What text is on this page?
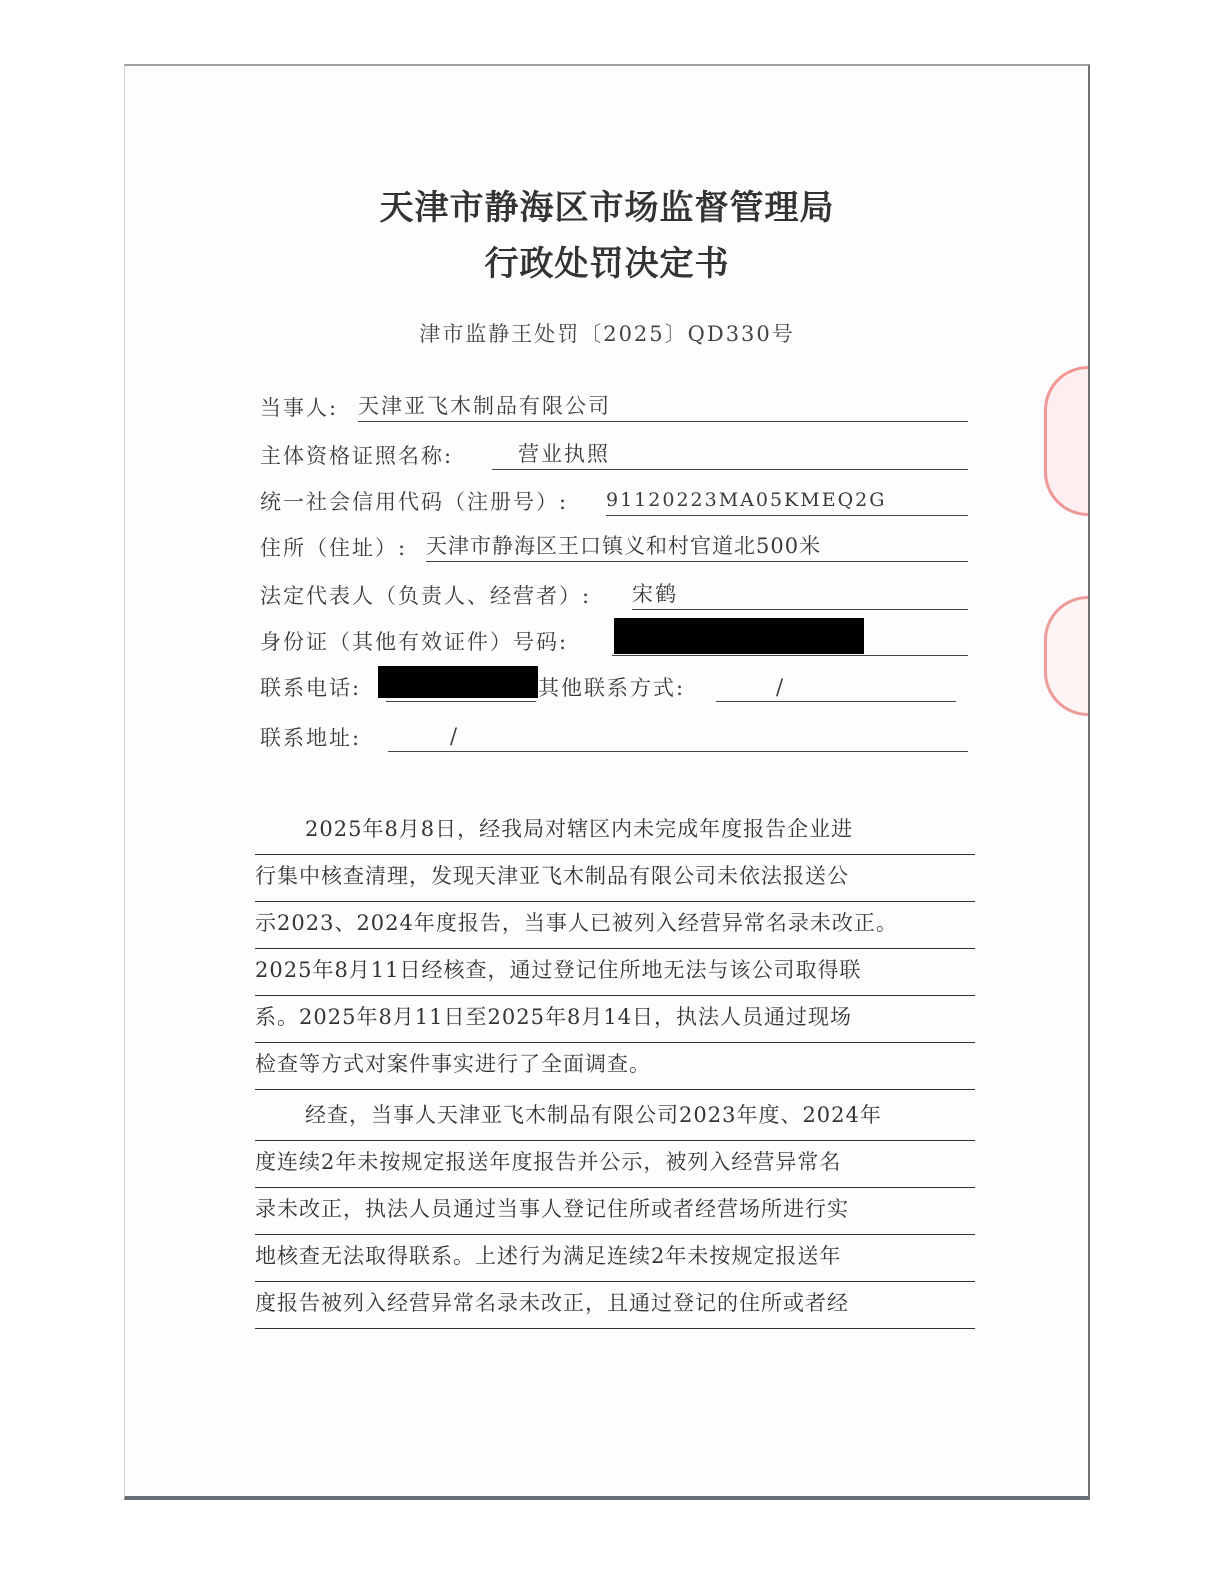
天津市静海区市场监督管理局
行政处罚决定书
津市监静王处罚〔2025〕QD330号
当事人: 天津亚飞木制品有限公司
主体资格证照名称:	营业执照
统一社会信用代码（注册号）: 91120223MA05KMEQ2G
住所（住址）: 天津市静海区王口镇义和村官道北500米
法定代表人（负责人、经营者）: 宋鹤
身份证（其他有效证件）号码:
联系电话:	其他联系方式:	/
联系地址:	/
2025年8月8日，经我局对辖区内未完成年度报告企业进
行集中核查清理，发现天津亚飞木制品有限公司未依法报送公
示2023、2024年度报告，当事人已被列入经营异常名录未改正。
2025年8月11日经核查，通过登记住所地无法与该公司取得联
系。2025年8月11日至2025年8月14日，执法人员通过现场
检查等方式对案件事实进行了全面调查。
经查，当事人天津亚飞木制品有限公司2023年度、2024年
度连续2年未按规定报送年度报告并公示，被列入经营异常名
录未改正，执法人员通过当事人登记住所或者经营场所进行实
地核查无法取得联系。上述行为满足连续2年未按规定报送年
度报告被列入经营异常名录未改正，且通过登记的住所或者经
